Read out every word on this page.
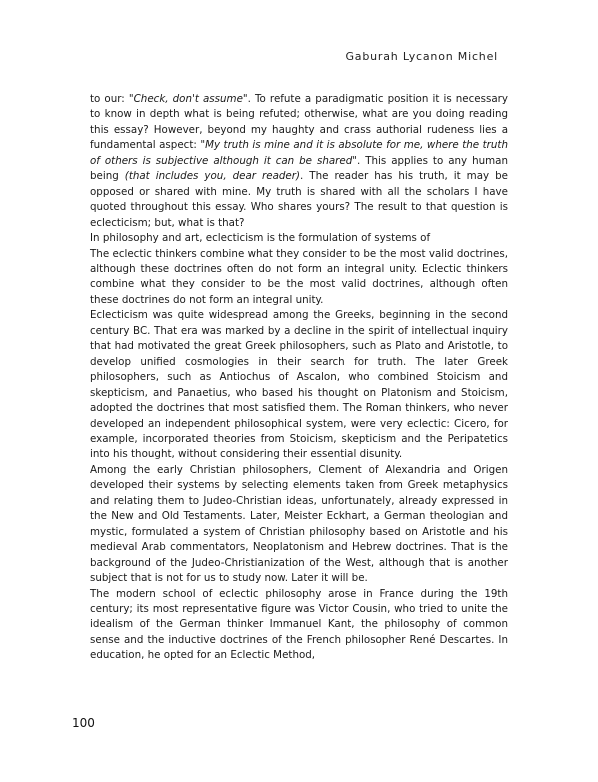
Gaburah Lycanon Michel

to our: "Check, don't assume". To refute a paradigmatic position it is necessary to know in depth what is being refuted; otherwise, what are you doing reading this essay? However, beyond my haughty and crass authorial rudeness lies a fundamental aspect: "My truth is mine and it is absolute for me, where the truth of others is subjective although it can be shared". This applies to any human being (that includes you, dear reader). The reader has his truth, it may be opposed or shared with mine. My truth is shared with all the scholars I have quoted throughout this essay. Who shares yours? The result to that question is eclecticism; but, what is that?

In philosophy and art, eclecticism is the formulation of systems of

The eclectic thinkers combine what they consider to be the most valid doctrines, although these doctrines often do not form an integral unity. Eclectic thinkers combine what they consider to be the most valid doctrines, although often these doctrines do not form an integral unity.

Eclecticism was quite widespread among the Greeks, beginning in the second century BC. That era was marked by a decline in the spirit of intellectual inquiry that had motivated the great Greek philosophers, such as Plato and Aristotle, to develop unified cosmologies in their search for truth. The later Greek philosophers, such as Antiochus of Ascalon, who combined Stoicism and skepticism, and Panaetius, who based his thought on Platonism and Stoicism, adopted the doctrines that most satisfied them. The Roman thinkers, who never developed an independent philosophical system, were very eclectic: Cicero, for example, incorporated theories from Stoicism, skepticism and the Peripatetics into his thought, without considering their essential disunity.

Among the early Christian philosophers, Clement of Alexandria and Origen developed their systems by selecting elements taken from Greek metaphysics and relating them to Judeo-Christian ideas, unfortunately, already expressed in the New and Old Testaments. Later, Meister Eckhart, a German theologian and mystic, formulated a system of Christian philosophy based on Aristotle and his medieval Arab commentators, Neoplatonism and Hebrew doctrines. That is the background of the Judeo-Christianization of the West, although that is another subject that is not for us to study now. Later it will be.

The modern school of eclectic philosophy arose in France during the 19th century; its most representative figure was Victor Cousin, who tried to unite the idealism of the German thinker Immanuel Kant, the philosophy of common sense and the inductive doctrines of the French philosopher René Descartes. In education, he opted for an Eclectic Method,

100
